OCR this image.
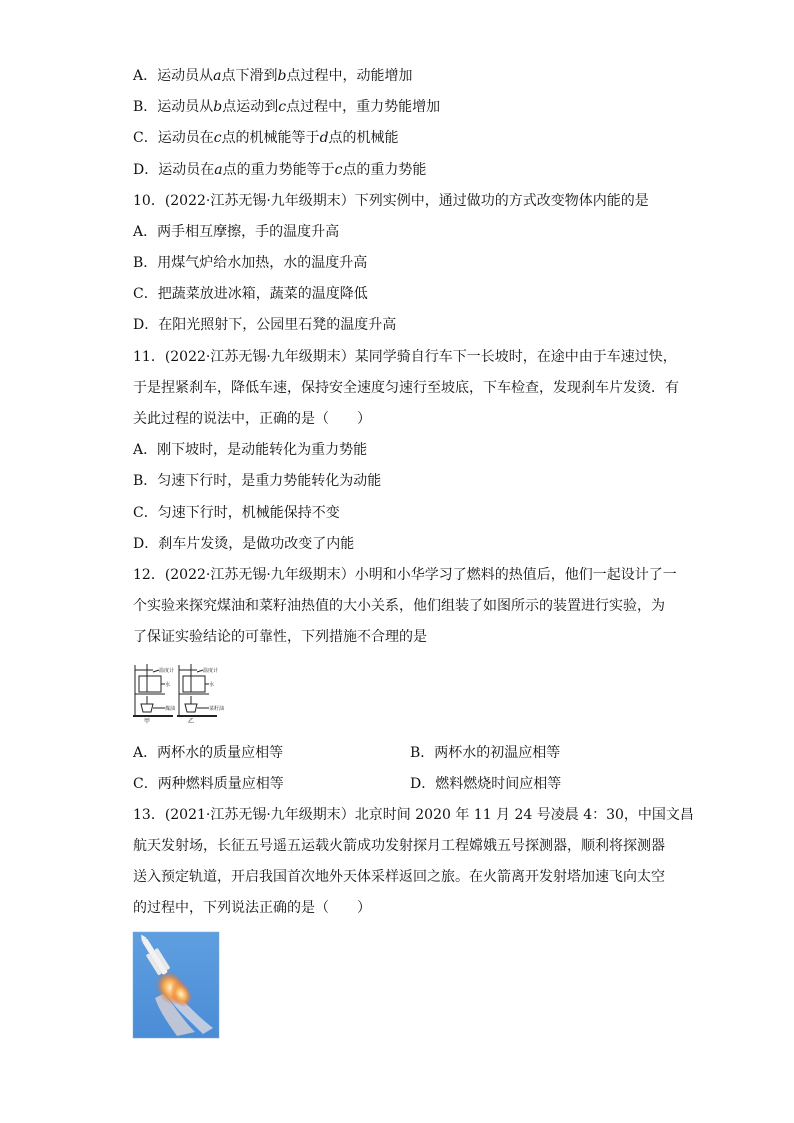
A．运动员从a点下滑到b点过程中，动能增加
B．运动员从b点运动到c点过程中，重力势能增加
C．运动员在c点的机械能等于d点的机械能
D．运动员在a点的重力势能等于c点的重力势能
10．(2022·江苏无锡·九年级期末）下列实例中，通过做功的方式改变物体内能的是
A．两手相互摩擦，手的温度升高
B．用煤气炉给水加热，水的温度升高
C．把蔬菜放进冰箱，蔬菜的温度降低
D．在阳光照射下，公园里石凳的温度升高
11．(2022·江苏无锡·九年级期末）某同学骑自行车下一长坡时，在途中由于车速过快，
于是捏紧刹车，降低车速，保持安全速度匀速行至坡底，下车检查，发现刹车片发烫．有
关此过程的说法中，正确的是（　　）
A．刚下坡时，是动能转化为重力势能
B．匀速下行时，是重力势能转化为动能
C．匀速下行时，机械能保持不变
D．刹车片发烫，是做功改变了内能
12．(2022·江苏无锡·九年级期末）小明和小华学习了燃料的热值后，他们一起设计了一
个实验来探究煤油和菜籽油热值的大小关系，他们组装了如图所示的装置进行实验，为
了保证实验结论的可靠性，下列措施不合理的是
温度计
水
煤油
温度计
水
菜籽油
甲	乙
A．两杯水的质量应相等	B．两杯水的初温应相等
C．两种燃料质量应相等	D．燃料燃烧时间应相等
13．(2021·江苏无锡·九年级期末）北京时间 2020 年 11 月 24 号凌晨 4：30，中国文昌
航天发射场，长征五号遥五运载火箭成功发射探月工程嫦娥五号探测器，顺利将探测器
送入预定轨道，开启我国首次地外天体采样返回之旅。在火箭离开发射塔加速飞向太空
的过程中，下列说法正确的是（　　）
